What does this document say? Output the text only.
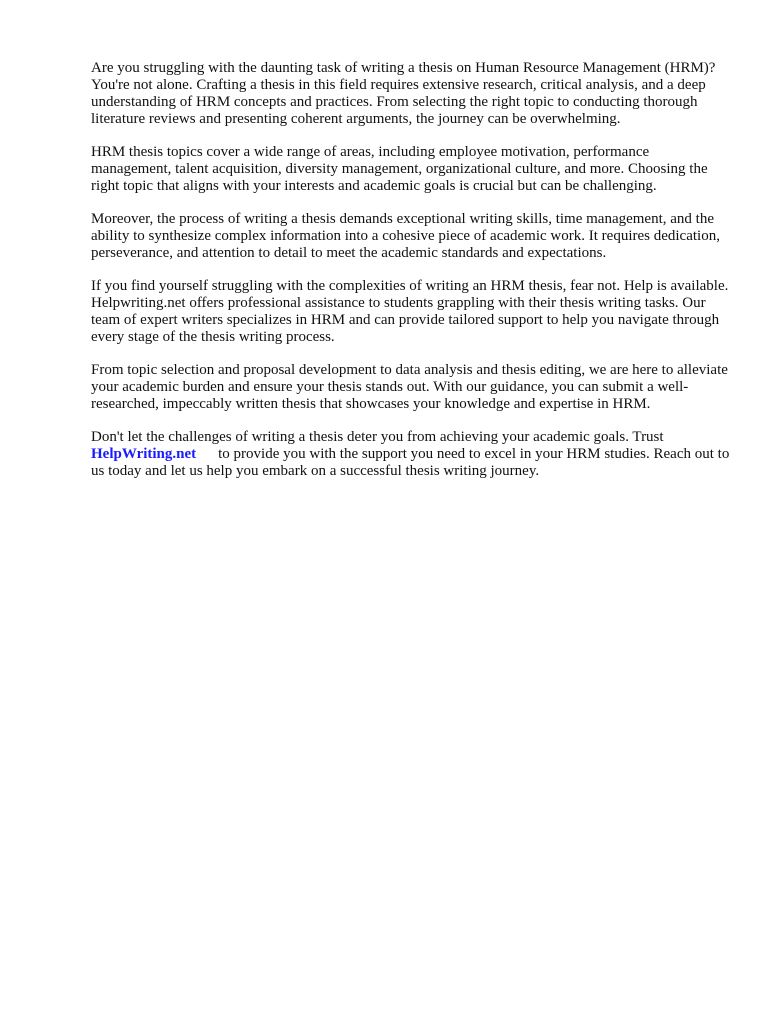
Are you struggling with the daunting task of writing a thesis on Human Resource Management (HRM)? You're not alone. Crafting a thesis in this field requires extensive research, critical analysis, and a deep understanding of HRM concepts and practices. From selecting the right topic to conducting thorough literature reviews and presenting coherent arguments, the journey can be overwhelming.

HRM thesis topics cover a wide range of areas, including employee motivation, performance management, talent acquisition, diversity management, organizational culture, and more. Choosing the right topic that aligns with your interests and academic goals is crucial but can be challenging.

Moreover, the process of writing a thesis demands exceptional writing skills, time management, and the ability to synthesize complex information into a cohesive piece of academic work. It requires dedication, perseverance, and attention to detail to meet the academic standards and expectations.

If you find yourself struggling with the complexities of writing an HRM thesis, fear not. Help is available. Helpwriting.net offers professional assistance to students grappling with their thesis writing tasks. Our team of expert writers specializes in HRM and can provide tailored support to help you navigate through every stage of the thesis writing process.

From topic selection and proposal development to data analysis and thesis editing, we are here to alleviate your academic burden and ensure your thesis stands out. With our guidance, you can submit a well-researched, impeccably written thesis that showcases your knowledge and expertise in HRM.

Don't let the challenges of writing a thesis deter you from achieving your academic goals. Trust
HelpWriting.net to provide you with the support you need to excel in your HRM studies. Reach out to us today and let us help you embark on a successful thesis writing journey.
